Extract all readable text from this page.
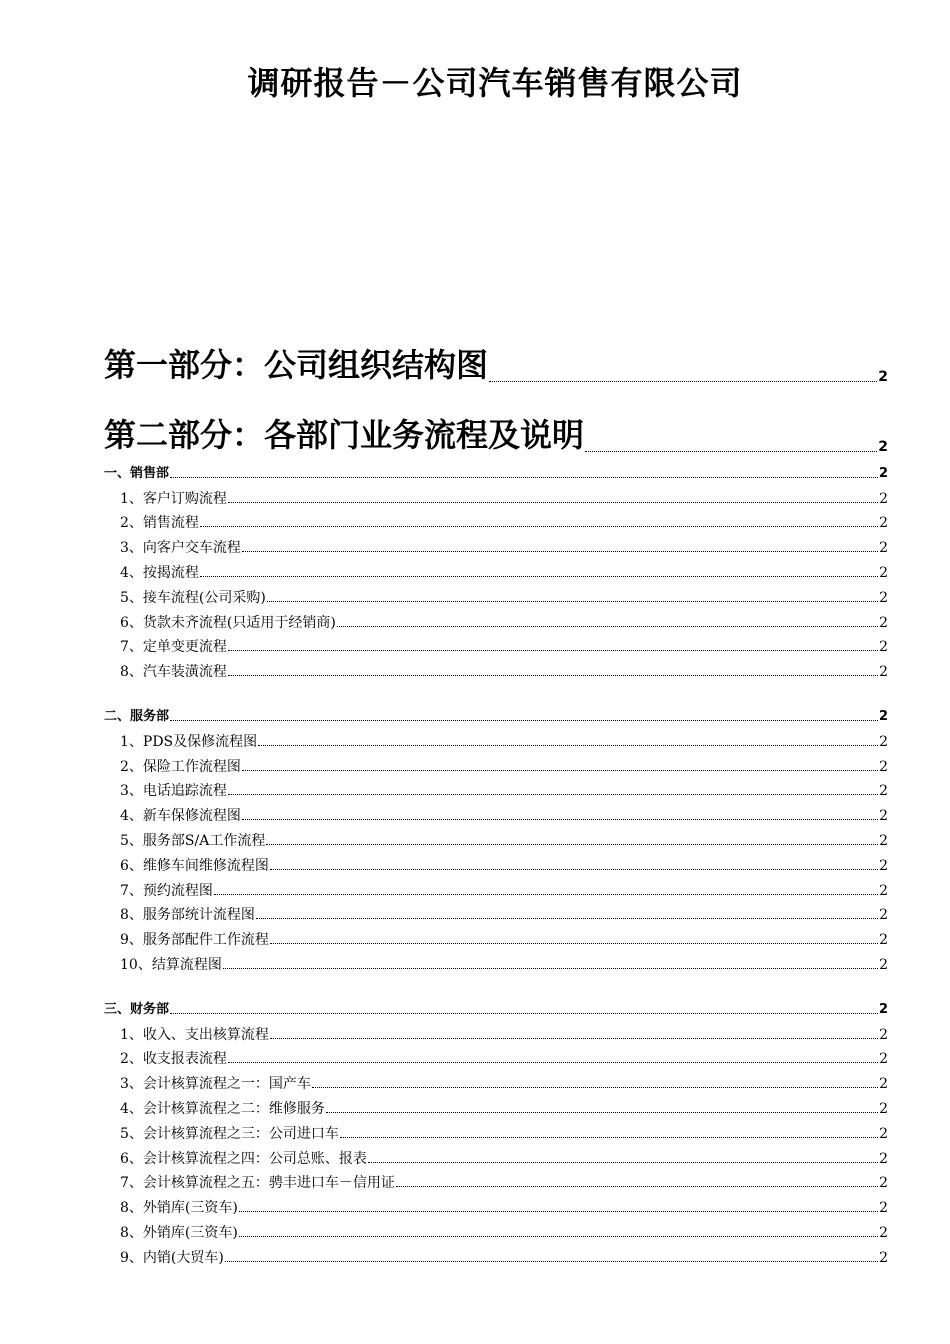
调研报告－公司汽车销售有限公司
第一部分：公司组织结构图	2
第二部分：各部门业务流程及说明	2
一、销售部	2
1、客户订购流程	2
2、销售流程	2
3、向客户交车流程	2
4、按揭流程	2
5、接车流程(公司采购)	2
6、货款未齐流程(只适用于经销商)	2
7、定单变更流程	2
8、汽车装潢流程	2
二、服务部	2
1、PDS及保修流程图	2
2、保险工作流程图	2
3、电话追踪流程	2
4、新车保修流程图	2
5、服务部S/A工作流程	2
6、维修车间维修流程图	2
7、预约流程图	2
8、服务部统计流程图	2
9、服务部配件工作流程	2
10、结算流程图	2
三、财务部	2
1、收入、支出核算流程	2
2、收支报表流程	2
3、会计核算流程之一：国产车	2
4、会计核算流程之二：维修服务	2
5、会计核算流程之三：公司进口车	2
6、会计核算流程之四：公司总账、报表	2
7、会计核算流程之五：骋丰进口车－信用证	2
8、外销库(三资车)	2
8、外销库(三资车)	2
9、内销(大贸车)	2
